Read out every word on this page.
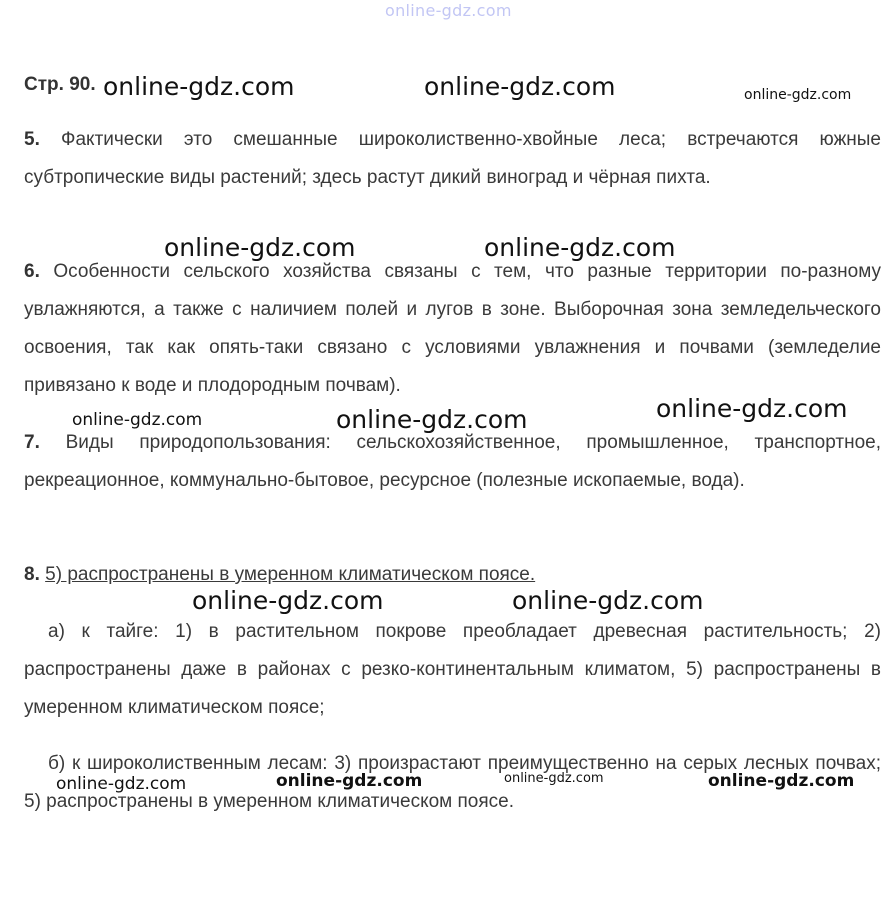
online-gdz.com
Стр. 90.

5. Фактически это смешанные широколиственно-хвойные леса; встречаются южные субтропические виды растений; здесь растут дикий виноград и чёрная пихта.

6. Особенности сельского хозяйства связаны с тем, что разные территории по-разному увлажняются, а также с наличием полей и лугов в зоне. Выборочная зона земледельческого освоения, так как опять-таки связано с условиями увлажнения и почвами (земледелие привязано к воде и плодородным почвам).

7. Виды природопользования: сельскохозяйственное, промышленное, транспортное, рекреационное, коммунально-бытовое, ресурсное (полезные ископаемые, вода).

8. 5) распространены в умеренном климатическом поясе.

а) к тайге: 1) в растительном покрове преобладает древесная растительность; 2) распространены даже в районах с резко-континентальным климатом, 5) распространены в умеренном климатическом поясе;

б) к широколиственным лесам: 3) произрастают преимущественно на серых лесных почвах; 5) распространены в умеренном климатическом поясе.

online-gdz.com	online-gdz.com	online-gdz.com
online-gdz.com	online-gdz.com
online-gdz.com	online-gdz.com	online-gdz.com
online-gdz.com	online-gdz.com
online-gdz.com	online-gdz.com	online-gdz.com	online-gdz.com
